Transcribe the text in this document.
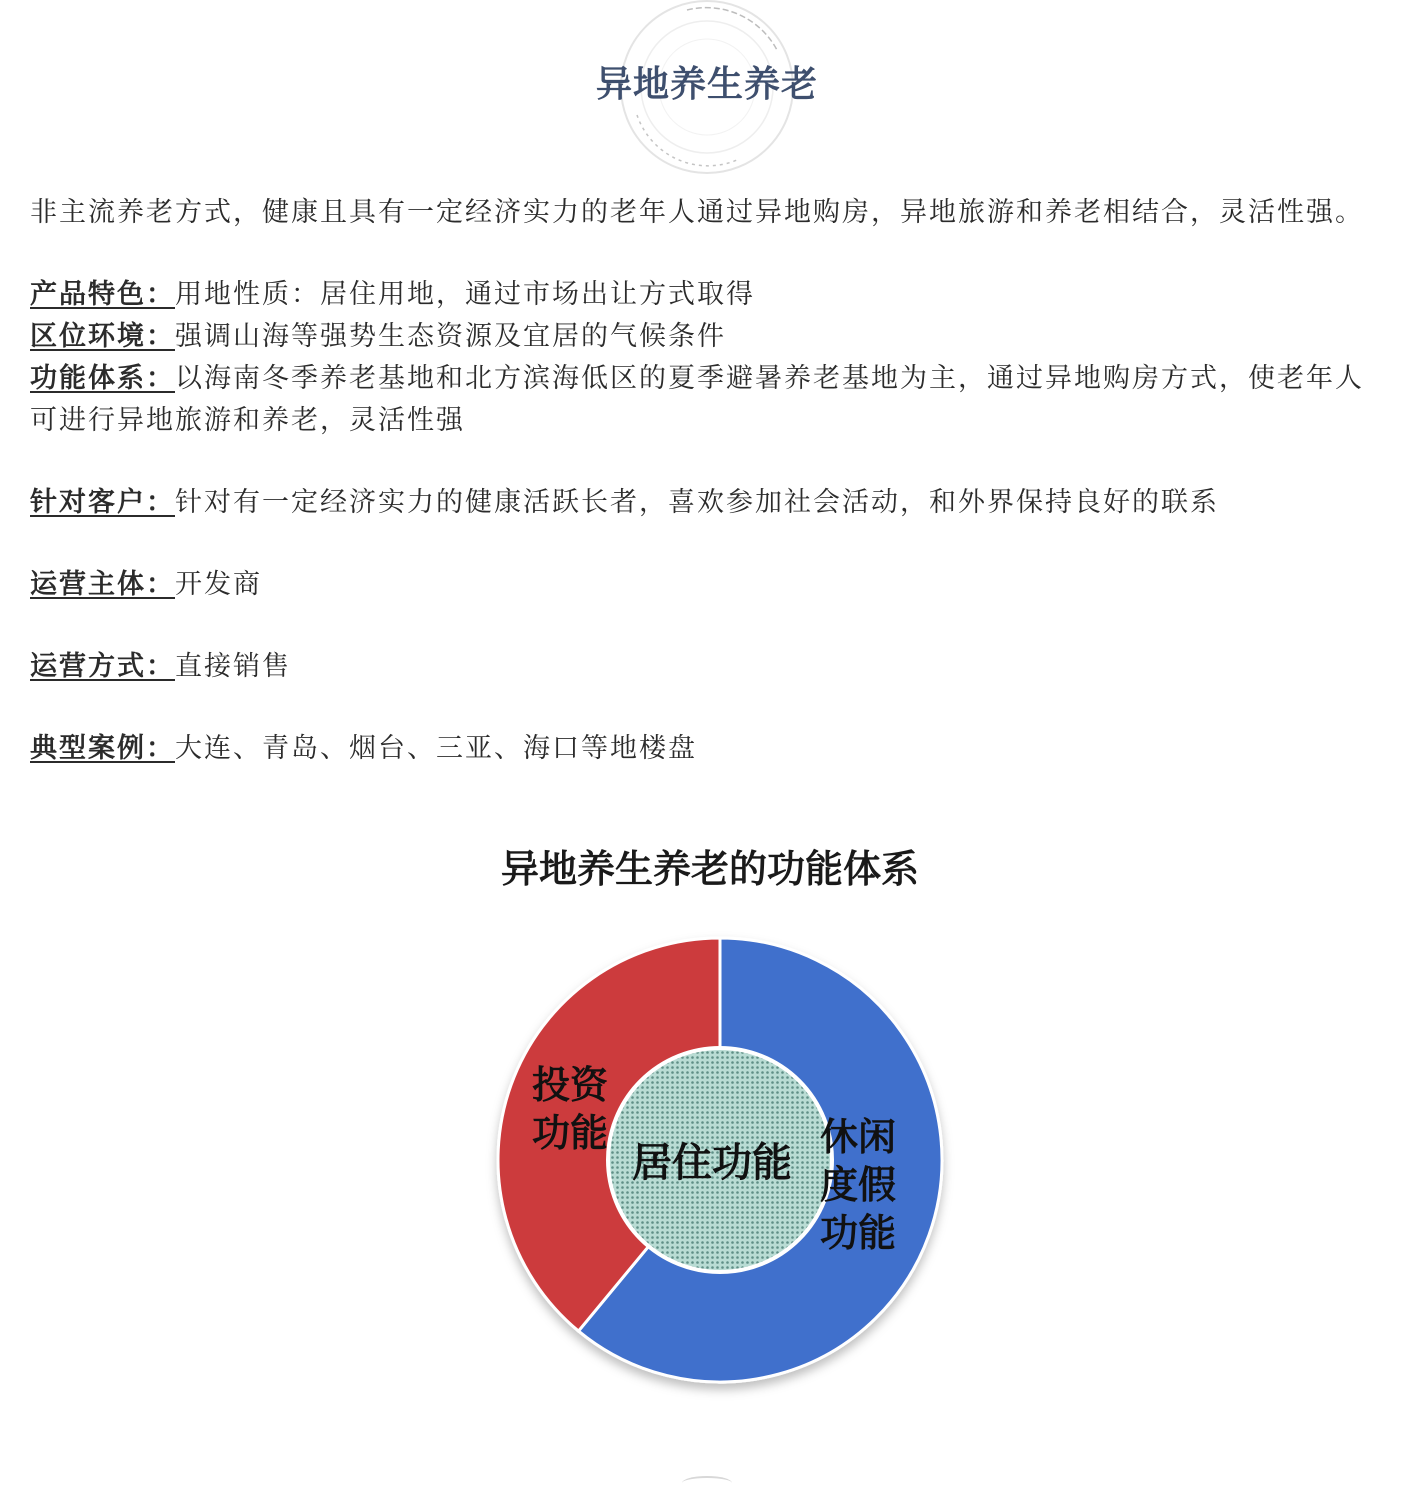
异地养生养老

非主流养老方式，健康且具有一定经济实力的老年人通过异地购房，异地旅游和养老相结合，灵活性强。

产品特色：用地性质：居住用地，通过市场出让方式取得

区位环境：强调山海等强势生态资源及宜居的气候条件

功能体系：以海南冬季养老基地和北方滨海低区的夏季避暑养老基地为主，通过异地购房方式，使老年人可进行异地旅游和养老，灵活性强

针对客户：针对有一定经济实力的健康活跃长者，喜欢参加社会活动，和外界保持良好的联系

运营主体：开发商

运营方式：直接销售

典型案例：大连、青岛、烟台、三亚、海口等地楼盘

异地养生养老的功能体系
居住功能
休闲度假功能
投资功能
